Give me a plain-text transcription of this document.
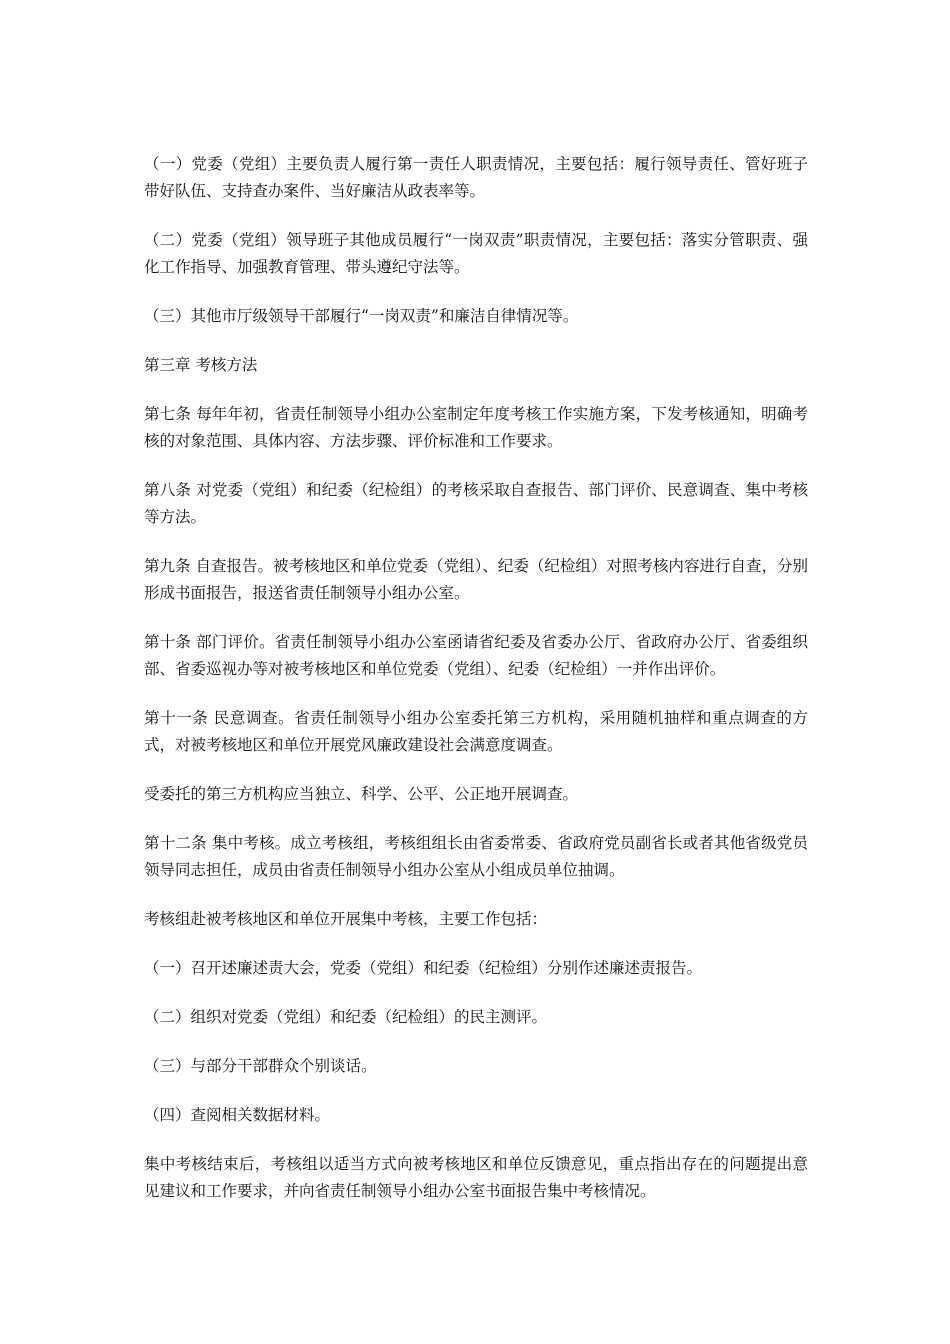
（一）党委（党组）主要负责人履行第一责任人职责情况，主要包括：履行领导责任、管好班子带好队伍、支持查办案件、当好廉洁从政表率等。

（二）党委（党组）领导班子其他成员履行“一岗双责”职责情况，主要包括：落实分管职责、强化工作指导、加强教育管理、带头遵纪守法等。

（三）其他市厅级领导干部履行“一岗双责”和廉洁自律情况等。

第三章 考核方法

第七条 每年年初，省责任制领导小组办公室制定年度考核工作实施方案，下发考核通知，明确考核的对象范围、具体内容、方法步骤、评价标准和工作要求。

第八条 对党委（党组）和纪委（纪检组）的考核采取自查报告、部门评价、民意调查、集中考核等方法。

第九条 自查报告。被考核地区和单位党委（党组）、纪委（纪检组）对照考核内容进行自查，分别形成书面报告，报送省责任制领导小组办公室。

第十条 部门评价。省责任制领导小组办公室函请省纪委及省委办公厅、省政府办公厅、省委组织部、省委巡视办等对被考核地区和单位党委（党组）、纪委（纪检组）一并作出评价。

第十一条 民意调查。省责任制领导小组办公室委托第三方机构，采用随机抽样和重点调查的方式，对被考核地区和单位开展党风廉政建设社会满意度调查。

受委托的第三方机构应当独立、科学、公平、公正地开展调查。

第十二条 集中考核。成立考核组，考核组组长由省委常委、省政府党员副省长或者其他省级党员领导同志担任，成员由省责任制领导小组办公室从小组成员单位抽调。

考核组赴被考核地区和单位开展集中考核，主要工作包括：

（一）召开述廉述责大会，党委（党组）和纪委（纪检组）分别作述廉述责报告。

（二）组织对党委（党组）和纪委（纪检组）的民主测评。

（三）与部分干部群众个别谈话。

（四）查阅相关数据材料。

集中考核结束后，考核组以适当方式向被考核地区和单位反馈意见，重点指出存在的问题提出意见建议和工作要求，并向省责任制领导小组办公室书面报告集中考核情况。
